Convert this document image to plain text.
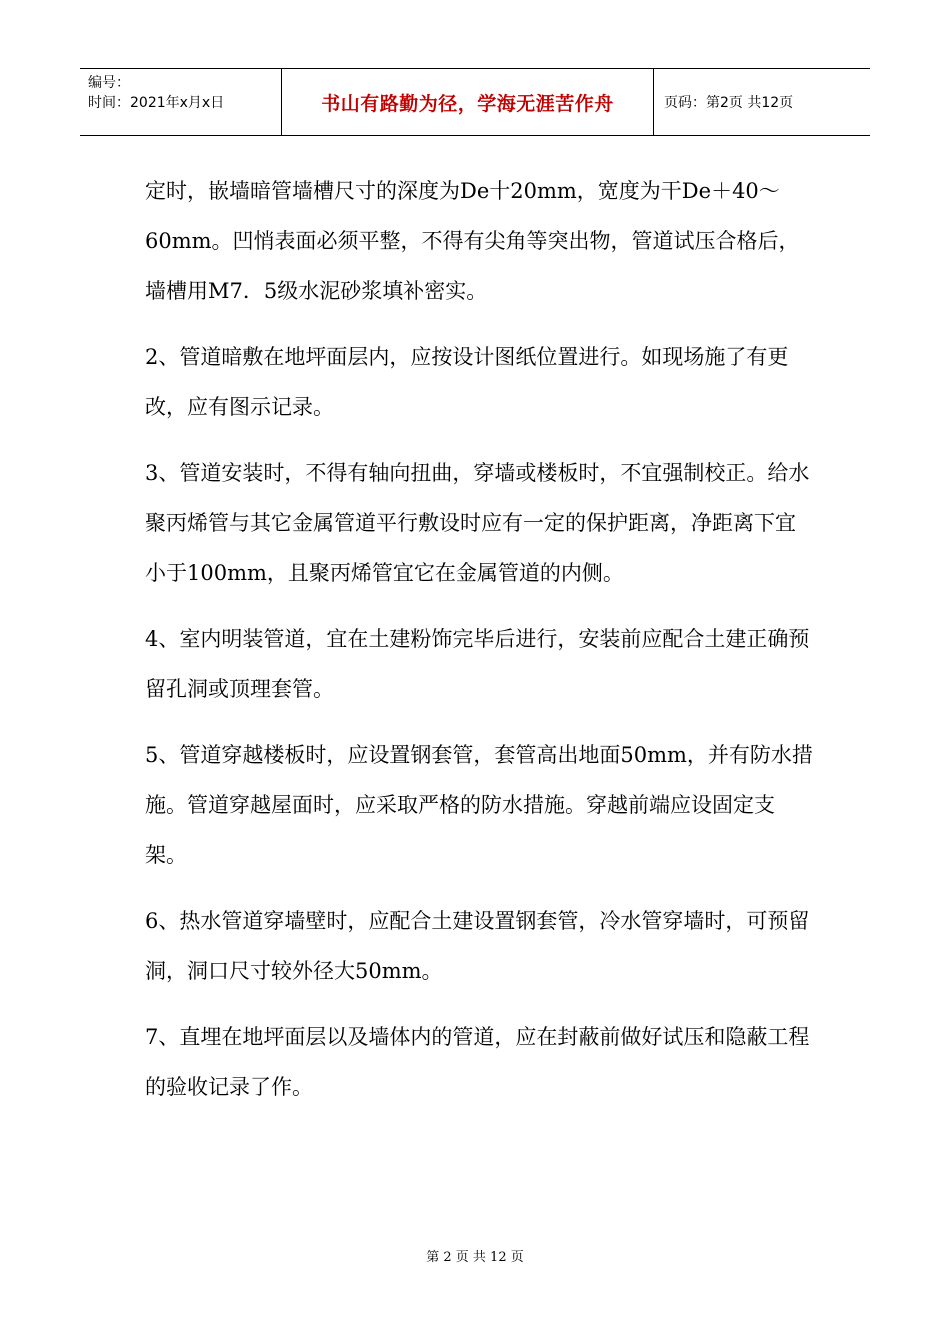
编号：
时间：2021年x月x日	书山有路勤为径，学海无涯苦作舟	页码：第2页 共12页

定时，嵌墙暗管墙槽尺寸的深度为De十20mm，宽度为干De＋40～60mm。凹悄表面必须平整，不得有尖角等突出物，管道试压合格后，墙槽用M7．5级水泥砂浆填补密实。

2、管道暗敷在地坪面层内，应按设计图纸位置进行。如现场施了有更改，应有图示记录。

3、管道安装时，不得有轴向扭曲，穿墙或楼板时，不宜强制校正。给水聚丙烯管与其它金属管道平行敷设时应有一定的保护距离，净距离下宜小于100mm，且聚丙烯管宜它在金属管道的内侧。

4、室内明装管道，宜在土建粉饰完毕后进行，安装前应配合土建正确预留孔洞或顶理套管。

5、管道穿越楼板时，应设置钢套管，套管高出地面50mm，并有防水措施。管道穿越屋面时，应采取严格的防水措施。穿越前端应设固定支架。

6、热水管道穿墙壁时，应配合土建设置钢套管，冷水管穿墙时，可预留洞，洞口尺寸较外径大50mm。

7、直埋在地坪面层以及墙体内的管道，应在封蔽前做好试压和隐蔽工程的验收记录了作。

第 2 页 共 12 页
